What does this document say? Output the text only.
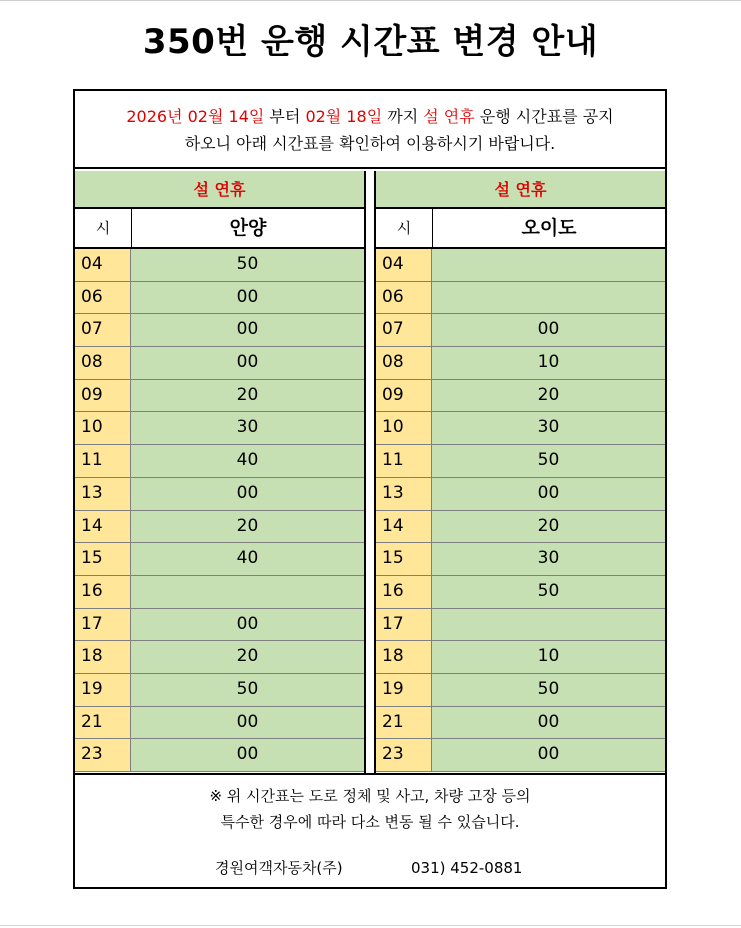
350번 운행 시간표 변경 안내
2026년 02월 14일 부터 02월 18일 까지 설 연휴 운행 시간표를 공지
하오니 아래 시간표를 확인하여 이용하시기 바랍니다.
설 연휴
시	안양
04	50
06	00
07	00
08	00
09	20
10	30
11	40
13	00
14	20
15	40
16
17	00
18	20
19	50
21	00
23	00
설 연휴
시	오이도
04
06
07	00
08	10
09	20
10	30
11	50
13	00
14	20
15	30
16	50
17
18	10
19	50
21	00
23	00
※ 위 시간표는 도로 정체 및 사고, 차량 고장 등의
특수한 경우에 따라 다소 변동 될 수 있습니다.
경원여객자동차(주)	031) 452-0881
